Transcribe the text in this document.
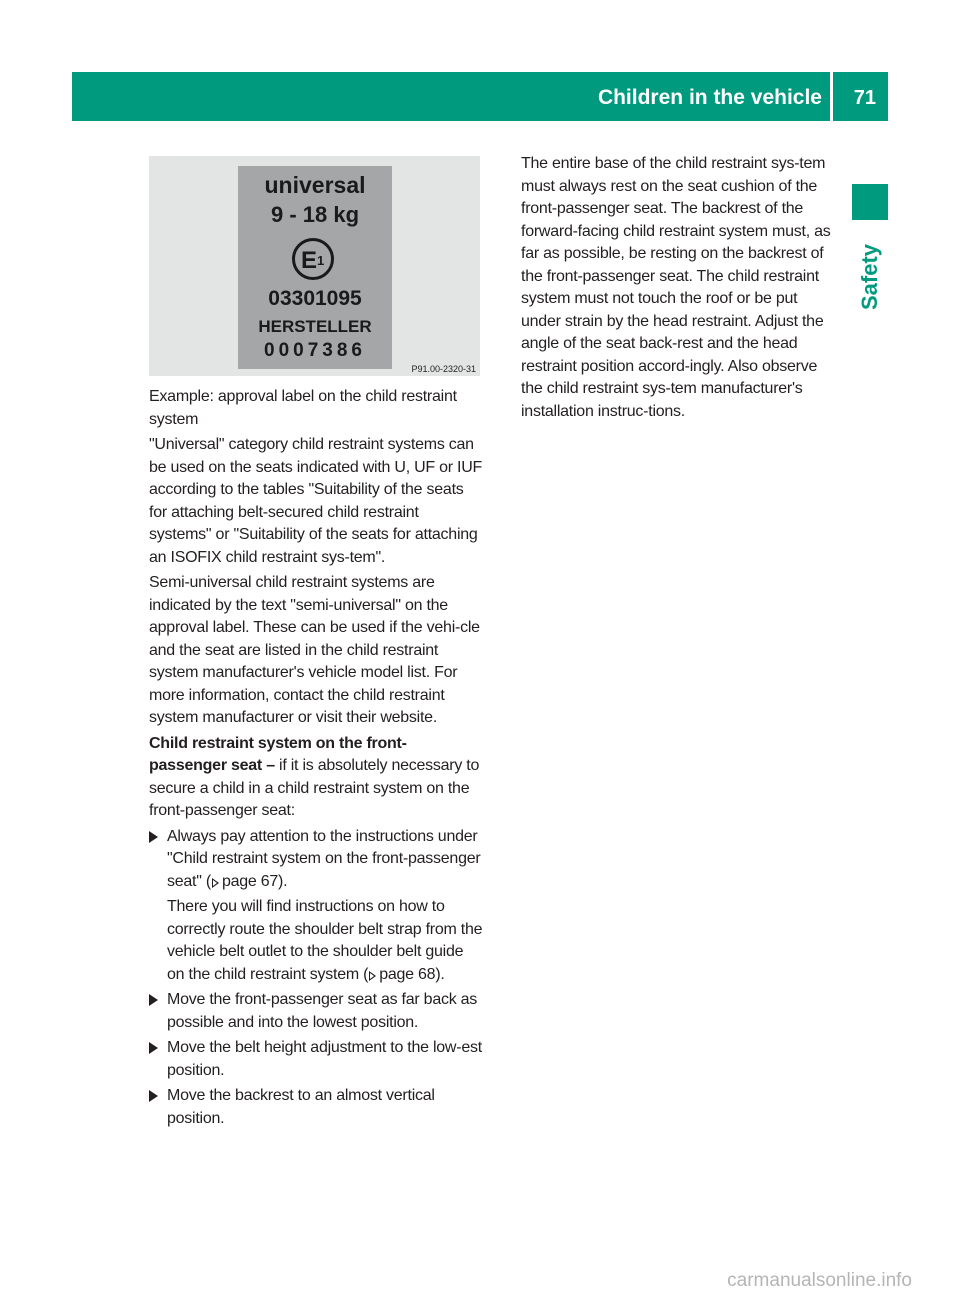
Children in the vehicle 71
Safety
universal
9 - 18 kg
E 1
03301095
HERSTELLER
0007386
P91.00-2320-31

Example: approval label on the child restraint system

"Universal" category child restraint systems can be used on the seats indicated with U, UF or IUF according to the tables "Suitability of the seats for attaching belt-secured child restraint systems" or "Suitability of the seats for attaching an ISOFIX child restraint sys-tem".

Semi-universal child restraint systems are indicated by the text "semi-universal" on the approval label. These can be used if the vehi-cle and the seat are listed in the child restraint system manufacturer's vehicle model list. For more information, contact the child restraint system manufacturer or visit their website.

Child restraint system on the front-passenger seat – if it is absolutely necessary to secure a child in a child restraint system on the front-passenger seat:

Always pay attention to the instructions under "Child restraint system on the front-passenger seat" ( page 67).
There you will find instructions on how to correctly route the shoulder belt strap from the vehicle belt outlet to the shoulder belt guide on the child restraint system ( page 68).
Move the front-passenger seat as far back as possible and into the lowest position.
Move the belt height adjustment to the low-est position.
Move the backrest to an almost vertical position.

The entire base of the child restraint sys-tem must always rest on the seat cushion of the front-passenger seat. The backrest of the forward-facing child restraint system must, as far as possible, be resting on the backrest of the front-passenger seat. The child restraint system must not touch the roof or be put under strain by the head restraint. Adjust the angle of the seat back-rest and the head restraint position accord-ingly. Also observe the child restraint sys-tem manufacturer's installation instruc-tions.

carmanualsonline.info
